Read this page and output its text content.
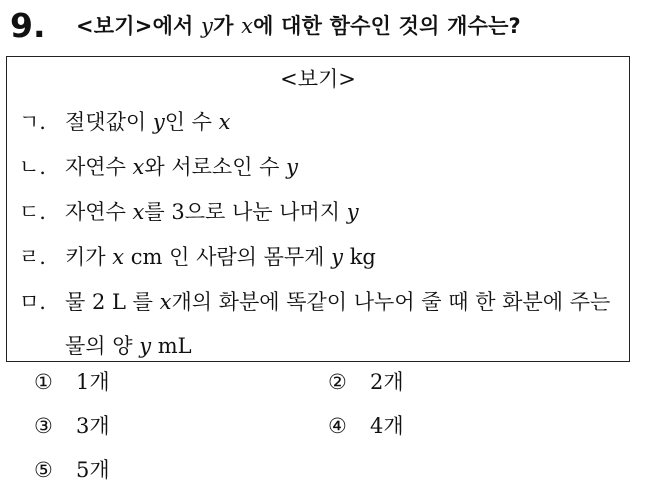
9. <보기>에서 y가 x에 대한 함수인 것의 개수는?
<보기>
ㄱ. 절댓값이 y인 수 x
ㄴ. 자연수 x와 서로소인 수 y
ㄷ. 자연수 x를 3으로 나눈 나머지 y
ㄹ. 키가 x cm 인 사람의 몸무게 y kg
ㅁ. 물 2 L 를 x개의 화분에 똑같이 나누어 줄 때 한 화분에 주는 물의 양 y mL
① 1개	② 2개
③ 3개	④ 4개
⑤ 5개
